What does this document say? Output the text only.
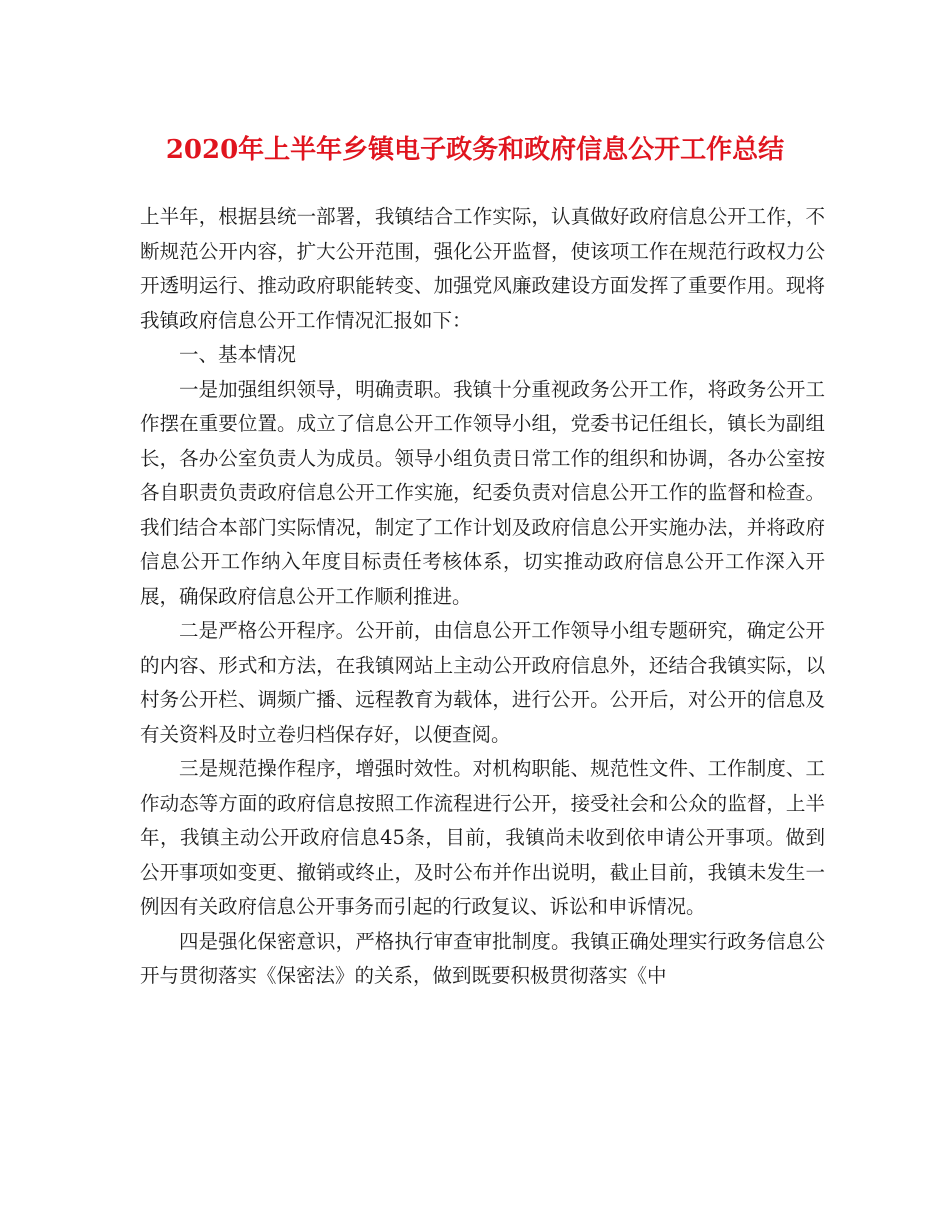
2020年上半年乡镇电子政务和政府信息公开工作总结

上半年，根据县统一部署，我镇结合工作实际，认真做好政府信息公开工作，不断规范公开内容，扩大公开范围，强化公开监督，使该项工作在规范行政权力公开透明运行、推动政府职能转变、加强党风廉政建设方面发挥了重要作用。现将我镇政府信息公开工作情况汇报如下：

一、基本情况

一是加强组织领导，明确责职。我镇十分重视政务公开工作，将政务公开工作摆在重要位置。成立了信息公开工作领导小组，党委书记任组长，镇长为副组长，各办公室负责人为成员。领导小组负责日常工作的组织和协调，各办公室按各自职责负责政府信息公开工作实施，纪委负责对信息公开工作的监督和检查。我们结合本部门实际情况，制定了工作计划及政府信息公开实施办法，并将政府信息公开工作纳入年度目标责任考核体系，切实推动政府信息公开工作深入开展，确保政府信息公开工作顺利推进。

二是严格公开程序。公开前，由信息公开工作领导小组专题研究，确定公开的内容、形式和方法，在我镇网站上主动公开政府信息外，还结合我镇实际，以村务公开栏、调频广播、远程教育为载体，进行公开。公开后，对公开的信息及有关资料及时立卷归档保存好，以便查阅。

三是规范操作程序，增强时效性。对机构职能、规范性文件、工作制度、工作动态等方面的政府信息按照工作流程进行公开，接受社会和公众的监督，上半年，我镇主动公开政府信息45条，目前，我镇尚未收到依申请公开事项。做到公开事项如变更、撤销或终止，及时公布并作出说明，截止目前，我镇未发生一例因有关政府信息公开事务而引起的行政复议、诉讼和申诉情况。

四是强化保密意识，严格执行审查审批制度。我镇正确处理实行政务信息公开与贯彻落实《保密法》的关系，做到既要积极贯彻落实《中
